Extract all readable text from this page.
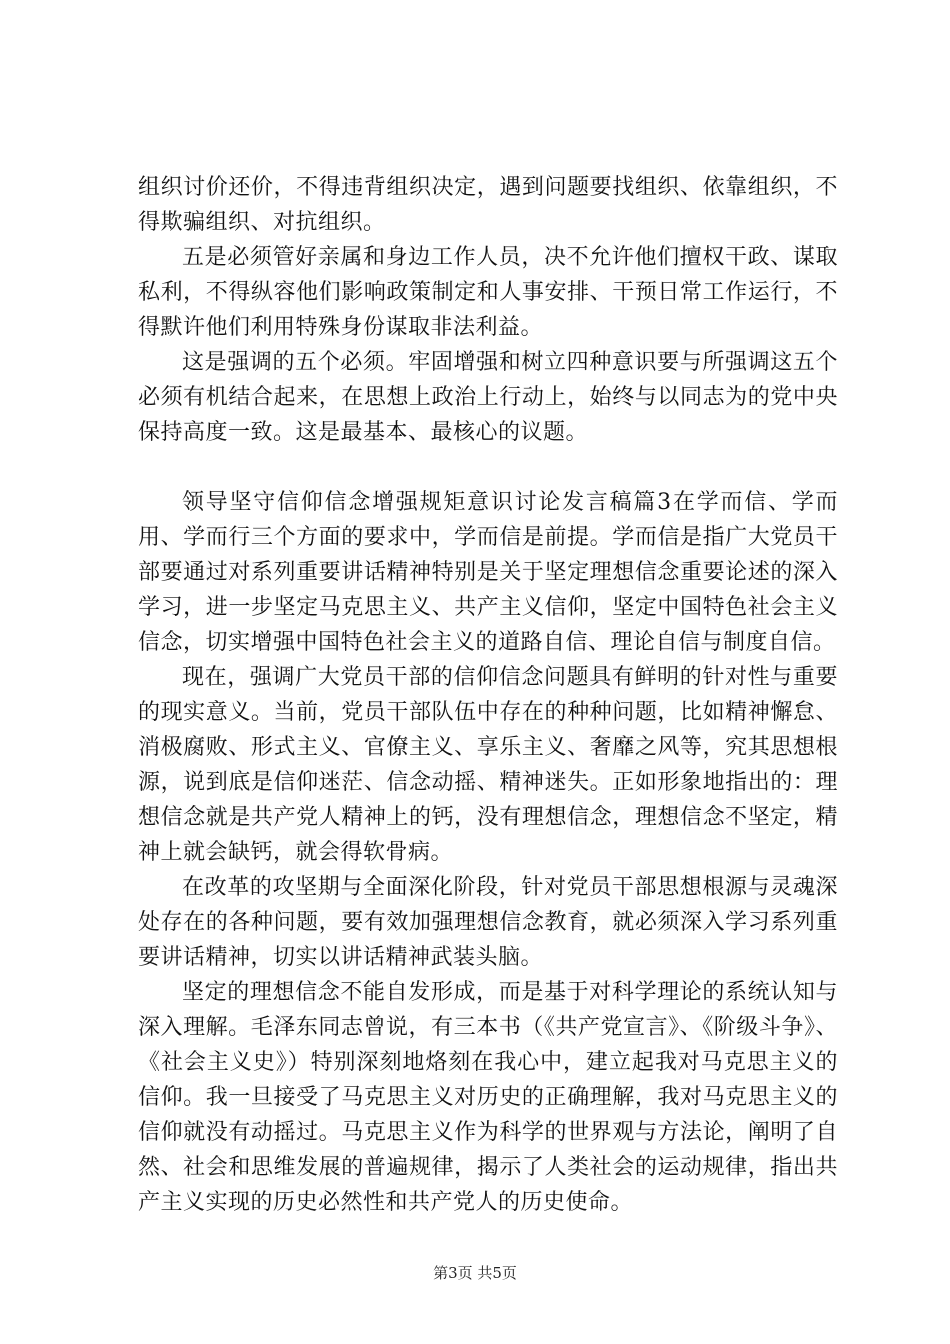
组织讨价还价，不得违背组织决定，遇到问题要找组织、依靠组织，不得欺骗组织、对抗组织。

五是必须管好亲属和身边工作人员，决不允许他们擅权干政、谋取私利，不得纵容他们影响政策制定和人事安排、干预日常工作运行，不得默许他们利用特殊身份谋取非法利益。

这是强调的五个必须。牢固增强和树立四种意识要与所强调这五个必须有机结合起来，在思想上政治上行动上，始终与以同志为的党中央保持高度一致。这是最基本、最核心的议题。

领导坚守信仰信念增强规矩意识讨论发言稿篇3在学而信、学而用、学而行三个方面的要求中，学而信是前提。学而信是指广大党员干部要通过对系列重要讲话精神特别是关于坚定理想信念重要论述的深入学习，进一步坚定马克思主义、共产主义信仰，坚定中国特色社会主义信念，切实增强中国特色社会主义的道路自信、理论自信与制度自信。

现在，强调广大党员干部的信仰信念问题具有鲜明的针对性与重要的现实意义。当前，党员干部队伍中存在的种种问题，比如精神懈怠、消极腐败、形式主义、官僚主义、享乐主义、奢靡之风等，究其思想根源，说到底是信仰迷茫、信念动摇、精神迷失。正如形象地指出的：理想信念就是共产党人精神上的钙，没有理想信念，理想信念不坚定，精神上就会缺钙，就会得软骨病。

在改革的攻坚期与全面深化阶段，针对党员干部思想根源与灵魂深处存在的各种问题，要有效加强理想信念教育，就必须深入学习系列重要讲话精神，切实以讲话精神武装头脑。

坚定的理想信念不能自发形成，而是基于对科学理论的系统认知与深入理解。毛泽东同志曾说，有三本书（《共产党宣言》、《阶级斗争》、《社会主义史》）特别深刻地烙刻在我心中，建立起我对马克思主义的信仰。我一旦接受了马克思主义对历史的正确理解，我对马克思主义的信仰就没有动摇过。马克思主义作为科学的世界观与方法论，阐明了自然、社会和思维发展的普遍规律，揭示了人类社会的运动规律，指出共产主义实现的历史必然性和共产党人的历史使命。

第3页 共5页
